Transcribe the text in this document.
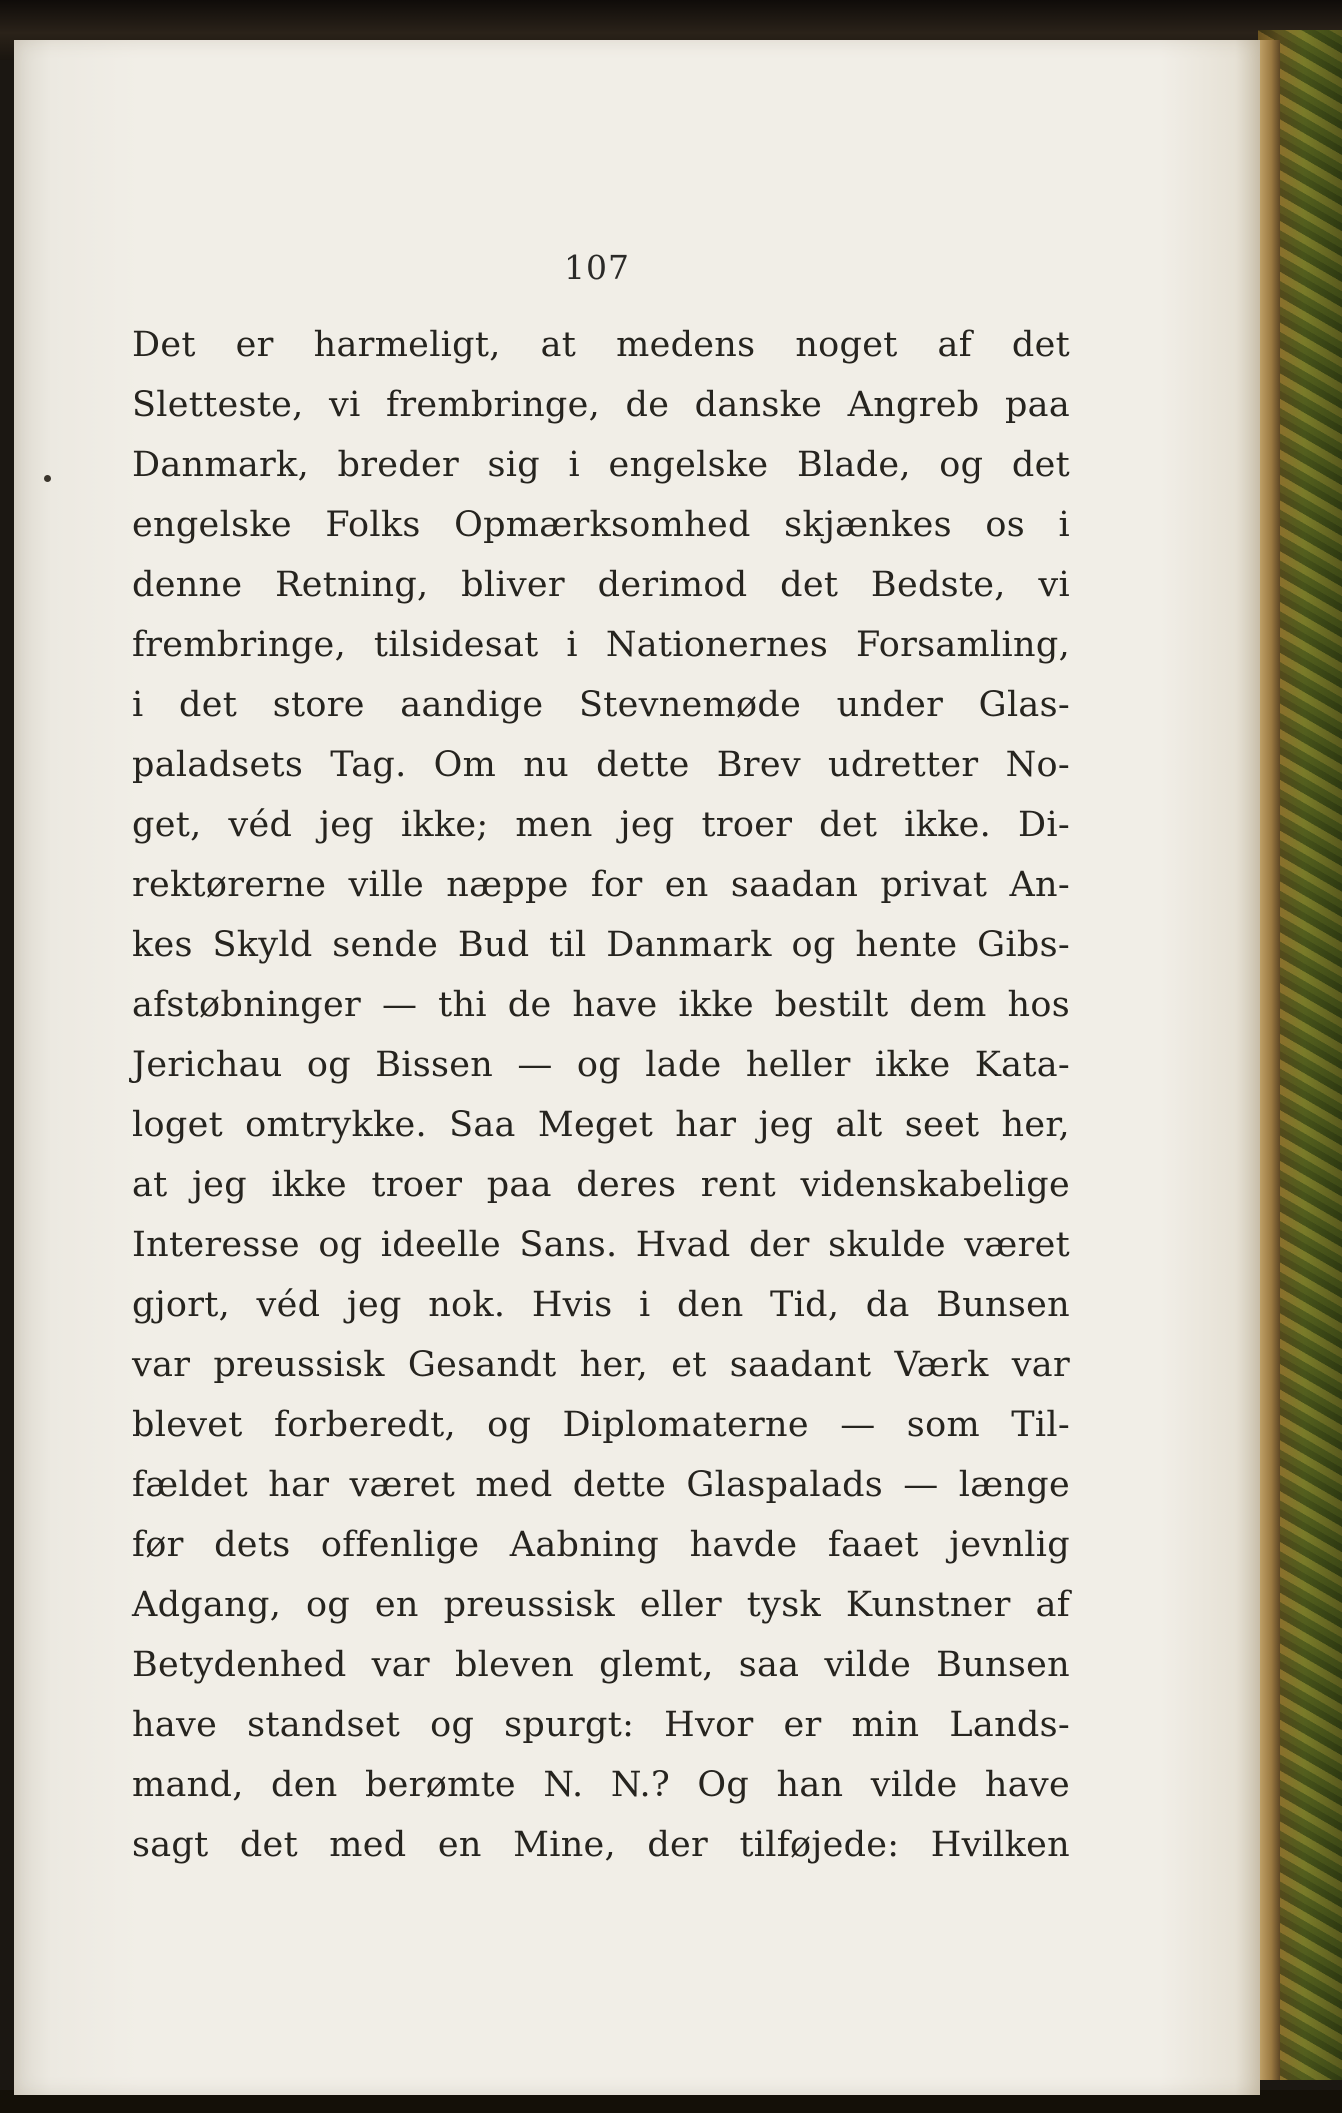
107
Det er harmeligt, at medens noget af det
Sletteste, vi frembringe, de danske Angreb paa
Danmark, breder sig i engelske Blade, og det
engelske Folks Opmærksomhed skjænkes os i
denne Retning, bliver derimod det Bedste, vi
frembringe, tilsidesat i Nationernes Forsamling,
i det store aandige Stevnemøde under Glas-
paladsets Tag. Om nu dette Brev udretter No-
get, véd jeg ikke; men jeg troer det ikke. Di-
rektørerne ville næppe for en saadan privat An-
kes Skyld sende Bud til Danmark og hente Gibs-
afstøbninger — thi de have ikke bestilt dem hos
Jerichau og Bissen — og lade heller ikke Kata-
loget omtrykke. Saa Meget har jeg alt seet her,
at jeg ikke troer paa deres rent videnskabelige
Interesse og ideelle Sans. Hvad der skulde været
gjort, véd jeg nok. Hvis i den Tid, da Bunsen
var preussisk Gesandt her, et saadant Værk var
blevet forberedt, og Diplomaterne — som Til-
fældet har været med dette Glaspalads — længe
før dets offenlige Aabning havde faaet jevnlig
Adgang, og en preussisk eller tysk Kunstner af
Betydenhed var bleven glemt, saa vilde Bunsen
have standset og spurgt: Hvor er min Lands-
mand, den berømte N. N.? Og han vilde have
sagt det med en Mine, der tilføjede: Hvilken
